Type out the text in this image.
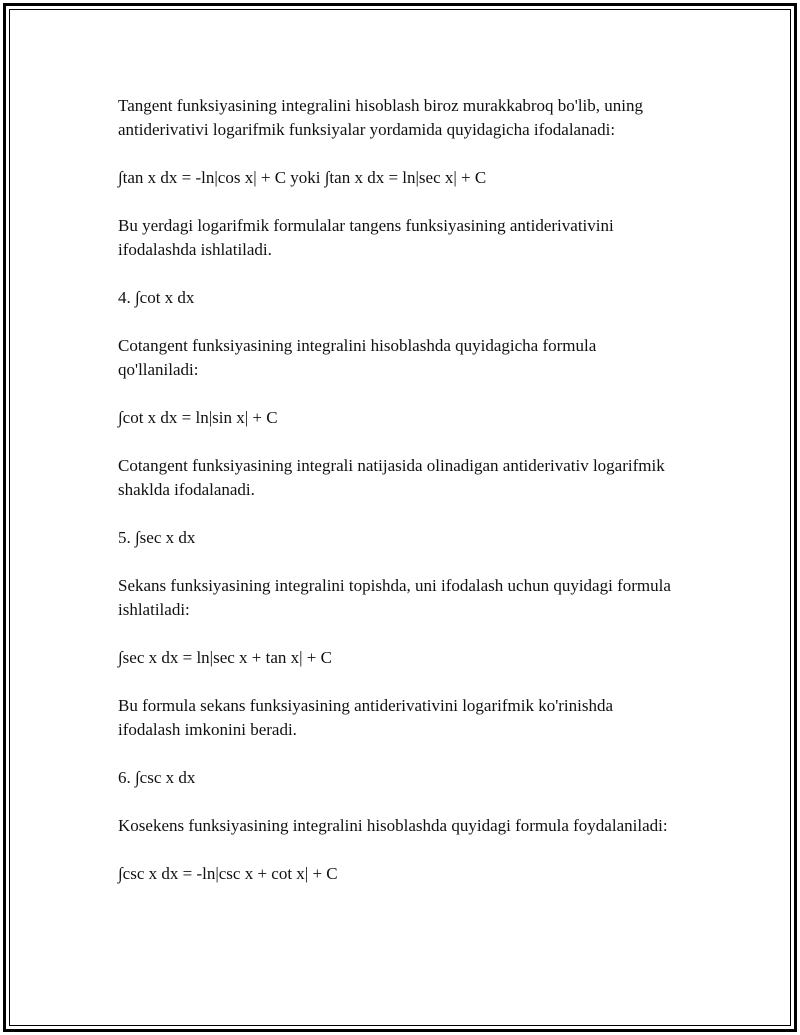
Tangent funksiyasining integralini hisoblash biroz murakkabroq bo'lib, uning antiderivativi logarifmik funksiyalar yordamida quyidagicha ifodalanadi:

∫tan x dx = -ln|cos x| + C yoki ∫tan x dx = ln|sec x| + C

Bu yerdagi logarifmik formulalar tangens funksiyasining antiderivativini ifodalashda ishlatiladi.

4. ∫cot x dx

Cotangent funksiyasining integralini hisoblashda quyidagicha formula qo'llaniladi:

∫cot x dx = ln|sin x| + C

Cotangent funksiyasining integrali natijasida olinadigan antiderivativ logarifmik shaklda ifodalanadi.

5. ∫sec x dx

Sekans funksiyasining integralini topishda, uni ifodalash uchun quyidagi formula ishlatiladi:

∫sec x dx = ln|sec x + tan x| + C

Bu formula sekans funksiyasining antiderivativini logarifmik ko'rinishda ifodalash imkonini beradi.

6. ∫csc x dx

Kosekens funksiyasining integralini hisoblashda quyidagi formula foydalaniladi:

∫csc x dx = -ln|csc x + cot x| + C
